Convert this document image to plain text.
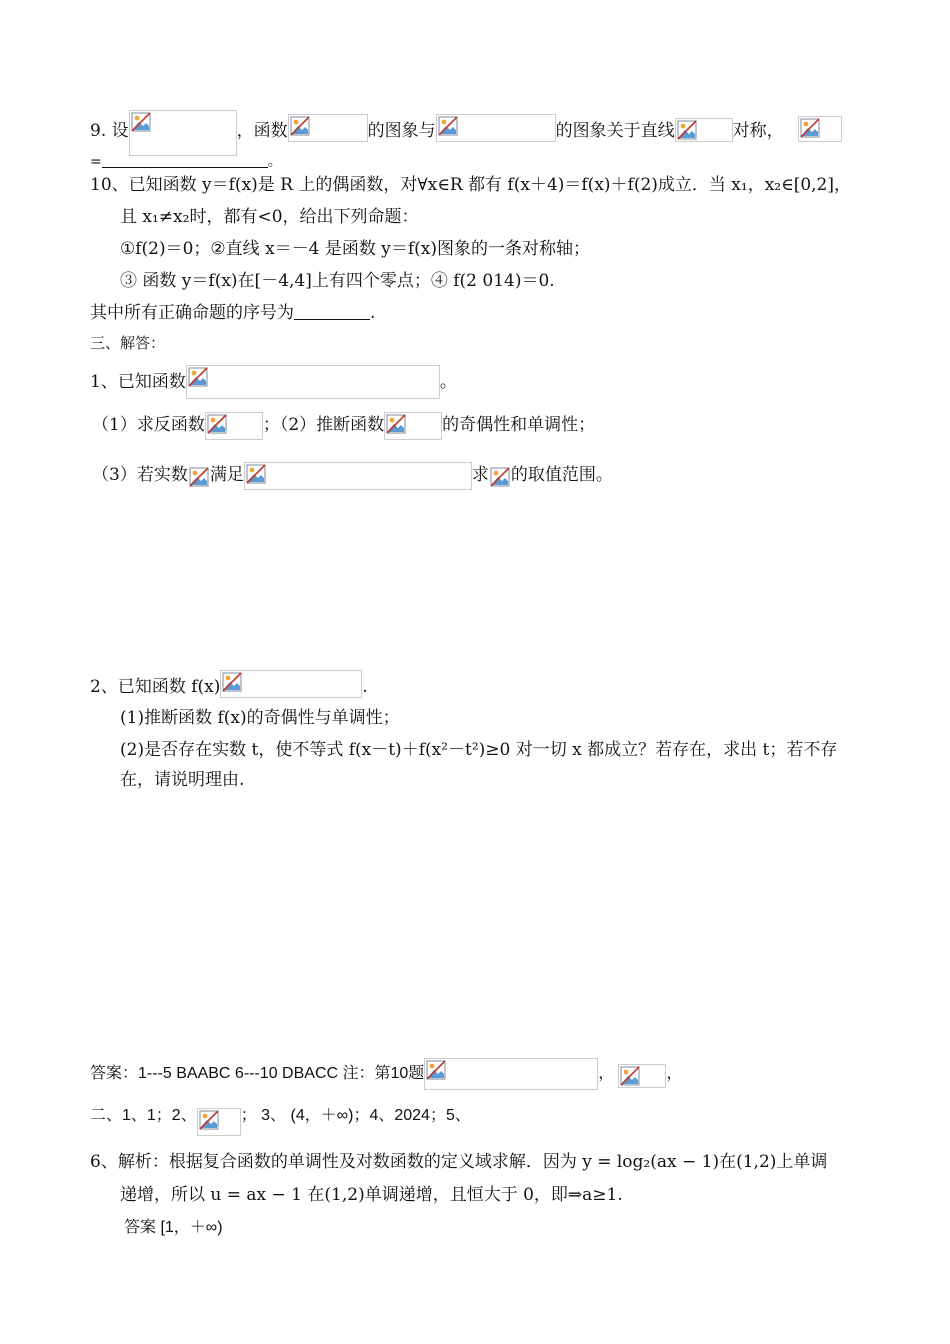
9. 设	，函数	的图象与	的图象关于直线	对称，
=	。
10、已知函数 y＝f(x)是 R 上的偶函数，对∀x∈R 都有 f(x＋4)＝f(x)＋f(2)成立．当 x₁，x₂∈[0,2]，
且 x₁≠x₂时，都有<0，给出下列命题：
①f(2)＝0；②直线 x＝－4 是函数 y＝f(x)图象的一条对称轴；
③ 函数 y＝f(x)在[－4,4]上有四个零点；④ f(2 014)＝0.
其中所有正确命题的序号为	.
三、解答：
1、已知函数	。
（1）求反函数	；（2）推断函数	的奇偶性和单调性；
（3）若实数 满足	求 的取值范围。
2、已知函数 f(x)	.
(1)推断函数 f(x)的奇偶性与单调性；
(2)是否存在实数 t，使不等式 f(x－t)＋f(x²－t²)≥0 对一切 x 都成立？若存在，求出 t；若不存
在，请说明理由.
答案：1---5 BAABC 6---10 DBACC 注：第10题	，	，
二、1、1；2、	； 3、 (4，＋∞)；4、2024；5、
6、解析：根据复合函数的单调性及对数函数的定义域求解．因为 y = log₂(ax − 1)在(1,2)上单调
递增，所以 u = ax − 1 在(1,2)单调递增，且恒大于 0，即⇒a≥1.
答案 [1，＋∞)
